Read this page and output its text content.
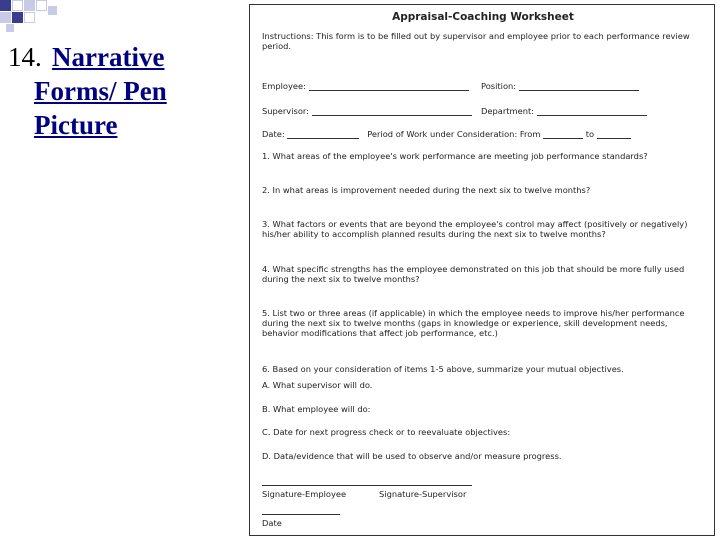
14. Narrative
Forms/ Pen
Picture
Appraisal-Coaching Worksheet
Instructions: This form is to be filled out by supervisor and employee prior to each performance review period.
Employee:	Position:
Supervisor:	Department:
Date:	Period of Work under Consideration: From	to
1. What areas of the employee's work performance are meeting job performance standards?
2. In what areas is improvement needed during the next six to twelve months?
3. What factors or events that are beyond the employee's control may affect (positively or negatively) his/her ability to accomplish planned results during the next six to twelve months?
4. What specific strengths has the employee demonstrated on this job that should be more fully used during the next six to twelve months?
5. List two or three areas (if applicable) in which the employee needs to improve his/her performance during the next six to twelve months (gaps in knowledge or experience, skill development needs, behavior modifications that affect job performance, etc.)
6. Based on your consideration of items 1-5 above, summarize your mutual objectives.
A. What supervisor will do.
B. What employee will do:
C. Date for next progress check or to reevaluate objectives:
D. Data/evidence that will be used to observe and/or measure progress.
Signature-Employee	Signature-Supervisor
Date
